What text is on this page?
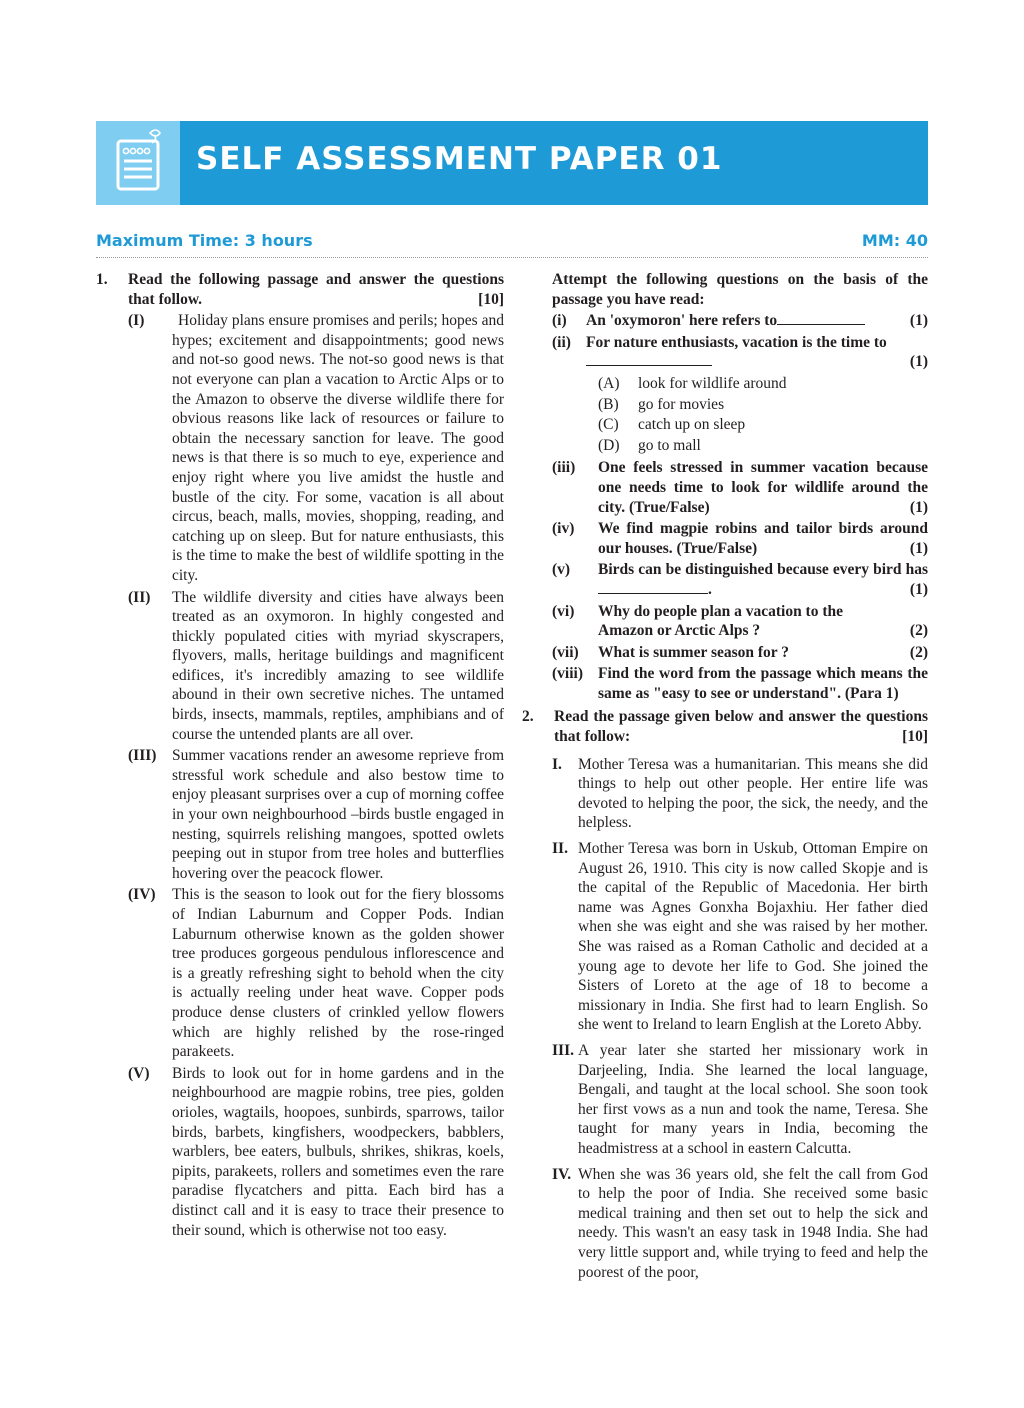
SELF ASSESSMENT PAPER 01
Maximum Time: 3 hours	MM: 40
1.	Read the following passage and answer the questions that follow.	[10]
(I)	Holiday plans ensure promises and perils; hopes and hypes; excitement and disappointments; good news and not-so good news. The not-so good news is that not everyone can plan a vacation to Arctic Alps or to the Amazon to observe the diverse wildlife there for obvious reasons like lack of resources or failure to obtain the necessary sanction for leave. The good news is that there is so much to eye, experience and enjoy right where you live amidst the hustle and bustle of the city. For some, vacation is all about circus, beach, malls, movies, shopping, reading, and catching up on sleep. But for nature enthusiasts, this is the time to make the best of wildlife spotting in the city.
(II)	The wildlife diversity and cities have always been treated as an oxymoron. In highly congested and thickly populated cities with myriad skyscrapers, flyovers, malls, heritage buildings and magnificent edifices, it's incredibly amazing to see wildlife abound in their own secretive niches. The untamed birds, insects, mammals, reptiles, amphibians and of course the untended plants are all over.
(III)	Summer vacations render an awesome reprieve from stressful work schedule and also bestow time to enjoy pleasant surprises over a cup of morning coffee in your own neighbourhood –birds bustle engaged in nesting, squirrels relishing mangoes, spotted owlets peeping out in stupor from tree holes and butterflies hovering over the peacock flower.
(IV)	This is the season to look out for the fiery blossoms of Indian Laburnum and Copper Pods. Indian Laburnum otherwise known as the golden shower tree produces gorgeous pendulous inflorescence and is a greatly refreshing sight to behold when the city is actually reeling under heat wave. Copper pods produce dense clusters of crinkled yellow flowers which are highly relished by the rose-ringed parakeets.
(V)	Birds to look out for in home gardens and in the neighbourhood are magpie robins, tree pies, golden orioles, wagtails, hoopoes, sunbirds, sparrows, tailor birds, barbets, kingfishers, woodpeckers, babblers, warblers, bee eaters, bulbuls, shrikes, shikras, koels, pipits, parakeets, rollers and sometimes even the rare paradise flycatchers and pitta. Each bird has a distinct call and it is easy to trace their presence to their sound, which is otherwise not too easy.
Attempt the following questions on the basis of the passage you have read:
(i)	An 'oxymoron' here refers to	(1)
(ii) For nature enthusiasts, vacation is the time to

(1)
(A)	look for wildlife around
(B)	go for movies
(C)	catch up on sleep
(D)	go to mall
(iii)	One feels stressed in summer vacation because one needs time to look for wildlife around the city. (True/False)	(1)
(iv)	We find magpie robins and tailor birds around our houses. (True/False)	(1)
(v)	Birds can be distinguished because every bird has .	(1)
(vi)	Why do people plan a vacation to the Amazon or Arctic Alps ?	(2)
(vii)	What is summer season for ?	(2)
(viii) Find the word from the passage which means the same as "easy to see or understand". (Para 1)
2.	Read the passage given below and answer the questions that follow:	[10]
I.	Mother Teresa was a humanitarian. This means she did things to help out other people. Her entire life was devoted to helping the poor, the sick, the needy, and the helpless.
II. Mother Teresa was born in Uskub, Ottoman Empire on August 26, 1910. This city is now called Skopje and is the capital of the Republic of Macedonia. Her birth name was Agnes Gonxha Bojaxhiu. Her father died when she was eight and she was raised by her mother. She was raised as a Roman Catholic and decided at a young age to devote her life to God. She joined the Sisters of Loreto at the age of 18 to become a missionary in India. She first had to learn English. So she went to Ireland to learn English at the Loreto Abby.
III. A year later she started her missionary work in Darjeeling, India. She learned the local language, Bengali, and taught at the local school. She soon took her first vows as a nun and took the name, Teresa. She taught for many years in India, becoming the headmistress at a school in eastern Calcutta.
IV. When she was 36 years old, she felt the call from God to help the poor of India. She received some basic medical training and then set out to help the sick and needy. This wasn't an easy task in 1948 India. She had very little support and, while trying to feed and help the poorest of the poor,
